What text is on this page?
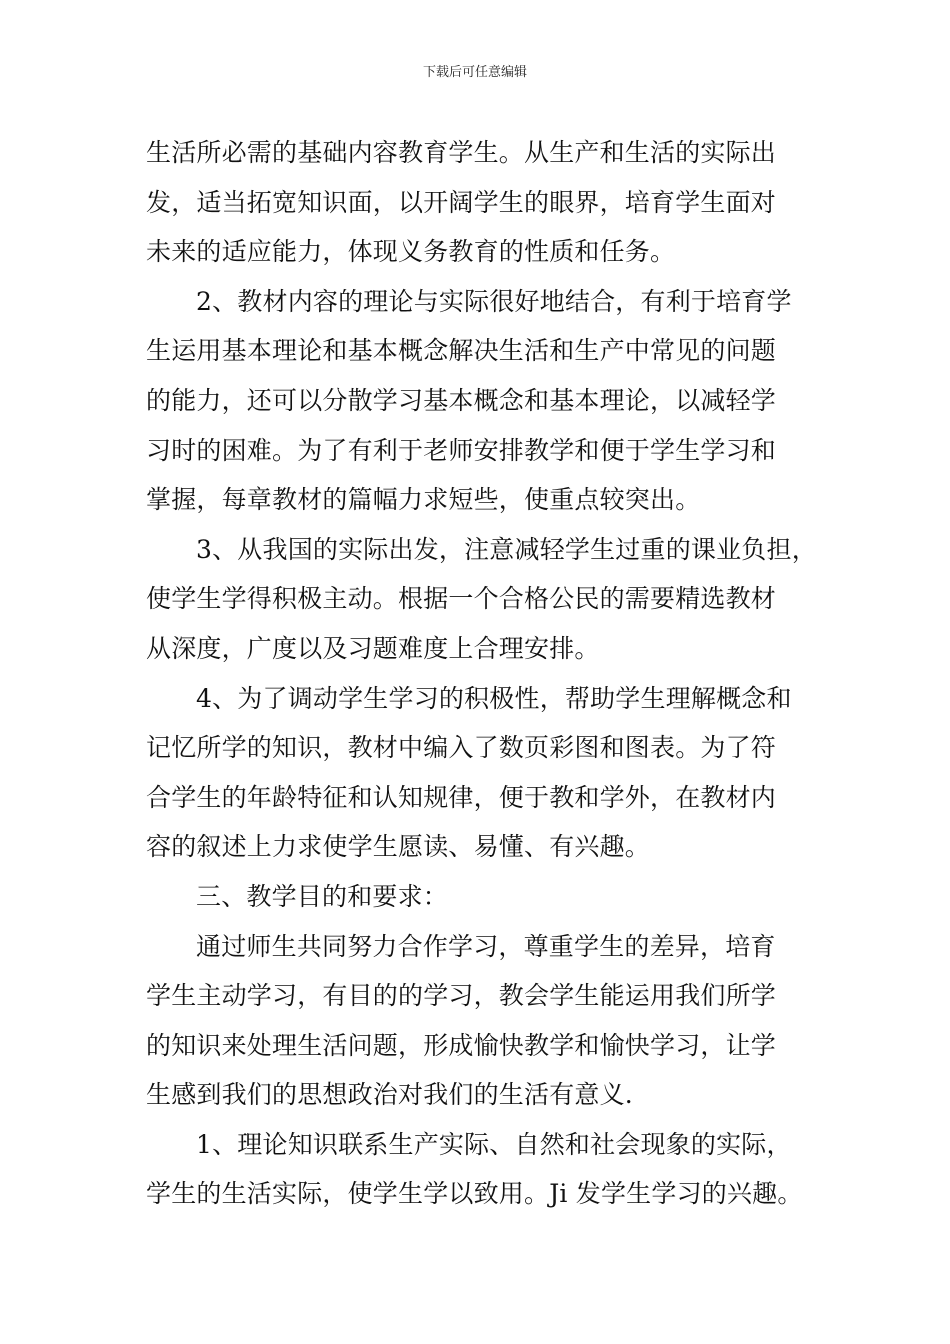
下载后可任意编辑
生活所必需的基础内容教育学生。从生产和生活的实际出
发，适当拓宽知识面，以开阔学生的眼界，培育学生面对
未来的适应能力，体现义务教育的性质和任务。
2、教材内容的理论与实际很好地结合，有利于培育学
生运用基本理论和基本概念解决生活和生产中常见的问题
的能力，还可以分散学习基本概念和基本理论，以减轻学
习时的困难。为了有利于老师安排教学和便于学生学习和
掌握，每章教材的篇幅力求短些，使重点较突出。
3、从我国的实际出发，注意减轻学生过重的课业负担，
使学生学得积极主动。根据一个合格公民的需要精选教材
从深度，广度以及习题难度上合理安排。
4、为了调动学生学习的积极性，帮助学生理解概念和
记忆所学的知识，教材中编入了数页彩图和图表。为了符
合学生的年龄特征和认知规律，便于教和学外，在教材内
容的叙述上力求使学生愿读、易懂、有兴趣。
三、教学目的和要求：
通过师生共同努力合作学习，尊重学生的差异，培育
学生主动学习，有目的的学习，教会学生能运用我们所学
的知识来处理生活问题，形成愉快教学和愉快学习，让学
生感到我们的思想政治对我们的生活有意义.
1、理论知识联系生产实际、自然和社会现象的实际，
学生的生活实际，使学生学以致用。Ji 发学生学习的兴趣。
